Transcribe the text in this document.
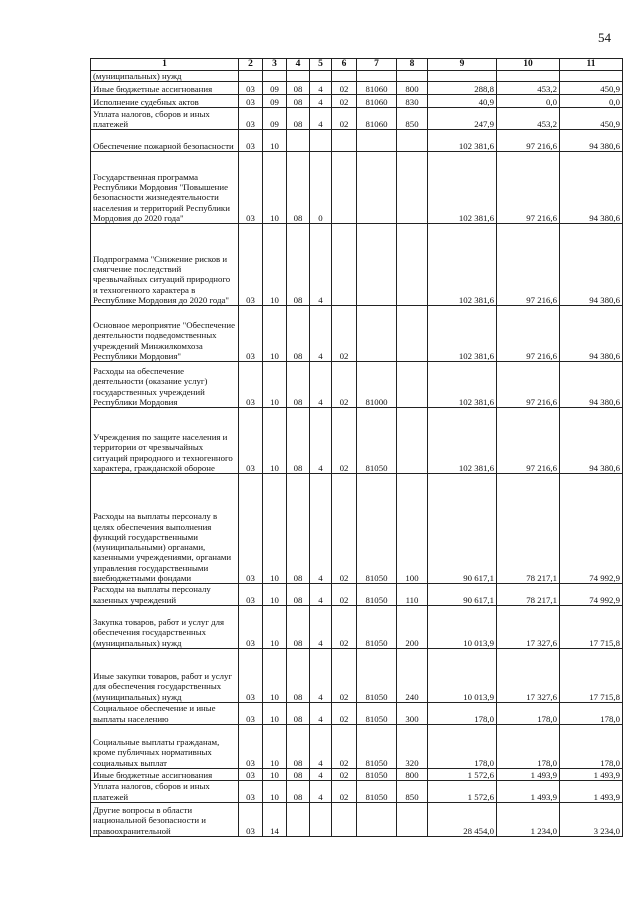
54
1	2	3	4	5	6	7	8	9	10	11
(муниципальных) нужд										
Иные бюджетные ассигнования	03	09	08	4	02	81060	800	288,8	453,2	450,9
Исполнение судебных актов	03	09	08	4	02	81060	830	40,9	0,0	0,0
Уплата налогов, сборов и иных платежей	03	09	08	4	02	81060	850	247,9	453,2	450,9
Обеспечение пожарной безопасности	03	10						102 381,6	97 216,6	94 380,6
Государственная программа Республики Мордовия "Повышение безопасности жизнедеятельности населения и территорий Республики Мордовия до 2020 года"	03	10	08	0				102 381,6	97 216,6	94 380,6
Подпрограмма "Снижение рисков и смягчение последствий чрезвычайных ситуаций природного и техногенного характера в Республике Мордовия до 2020 года"	03	10	08	4				102 381,6	97 216,6	94 380,6
Основное мероприятие "Обеспечение деятельности подведомственных учреждений Минжилкомхоза Республики Мордовия"	03	10	08	4	02			102 381,6	97 216,6	94 380,6
Расходы на обеспечение деятельности (оказание услуг) государственных учреждений Республики Мордовия	03	10	08	4	02	81000		102 381,6	97 216,6	94 380,6
Учреждения по защите населения и территории от чрезвычайных ситуаций природного и техногенного характера, гражданской обороне	03	10	08	4	02	81050		102 381,6	97 216,6	94 380,6
Расходы на выплаты персоналу в целях обеспечения выполнения функций государственными (муниципальными) органами, казенными учреждениями, органами управления государственными внебюджетными фондами	03	10	08	4	02	81050	100	90 617,1	78 217,1	74 992,9
Расходы на выплаты персоналу казенных учреждений	03	10	08	4	02	81050	110	90 617,1	78 217,1	74 992,9
Закупка товаров, работ и услуг для обеспечения государственных (муниципальных) нужд	03	10	08	4	02	81050	200	10 013,9	17 327,6	17 715,8
Иные закупки товаров, работ и услуг для обеспечения государственных (муниципальных) нужд	03	10	08	4	02	81050	240	10 013,9	17 327,6	17 715,8
Социальное обеспечение и иные выплаты населению	03	10	08	4	02	81050	300	178,0	178,0	178,0
Социальные выплаты гражданам, кроме публичных нормативных социальных выплат	03	10	08	4	02	81050	320	178,0	178,0	178,0
Иные бюджетные ассигнования	03	10	08	4	02	81050	800	1 572,6	1 493,9	1 493,9
Уплата налогов, сборов и иных платежей	03	10	08	4	02	81050	850	1 572,6	1 493,9	1 493,9
Другие вопросы в области национальной безопасности и правоохранительной	03	14						28 454,0	1 234,0	3 234,0
